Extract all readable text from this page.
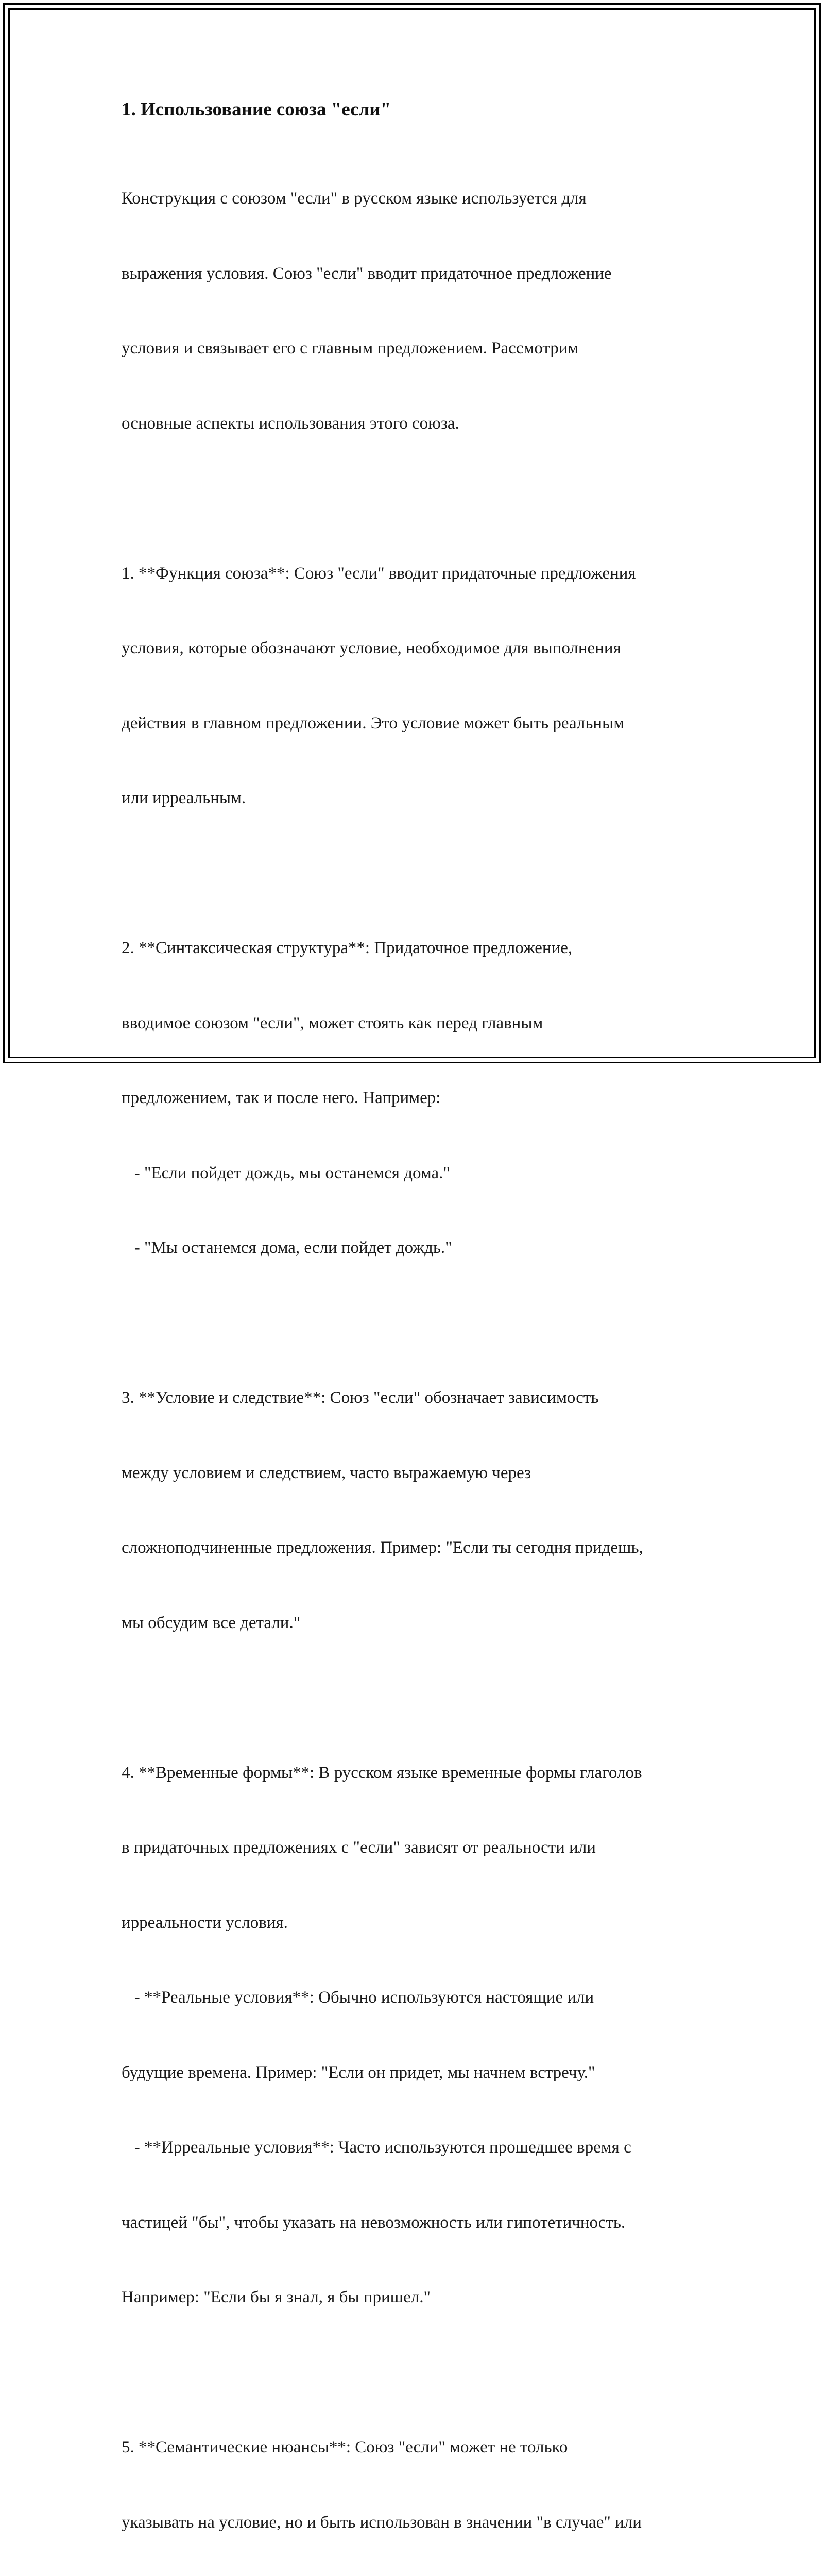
1. Использование союза "если"

Конструкция с союзом "если" в русском языке используется для

выражения условия. Союз "если" вводит придаточное предложение

условия и связывает его с главным предложением. Рассмотрим

основные аспекты использования этого союза.

1. **Функция союза**: Союз "если" вводит придаточные предложения

условия, которые обозначают условие, необходимое для выполнения

действия в главном предложении. Это условие может быть реальным

или ирреальным.

2. **Синтаксическая структура**: Придаточное предложение,

вводимое союзом "если", может стоять как перед главным

предложением, так и после него. Например:

- "Если пойдет дождь, мы останемся дома."

- "Мы останемся дома, если пойдет дождь."

3. **Условие и следствие**: Союз "если" обозначает зависимость

между условием и следствием, часто выражаемую через

сложноподчиненные предложения. Пример: "Если ты сегодня придешь,

мы обсудим все детали."

4. **Временные формы**: В русском языке временные формы глаголов

в придаточных предложениях с "если" зависят от реальности или

ирреальности условия.

- **Реальные условия**: Обычно используются настоящие или

будущие времена. Пример: "Если он придет, мы начнем встречу."

- **Ирреальные условия**: Часто используются прошедшее время с

частицей "бы", чтобы указать на невозможность или гипотетичность.

Например: "Если бы я знал, я бы пришел."

5. **Семантические нюансы**: Союз "если" может не только

указывать на условие, но и быть использован в значении "в случае" или
